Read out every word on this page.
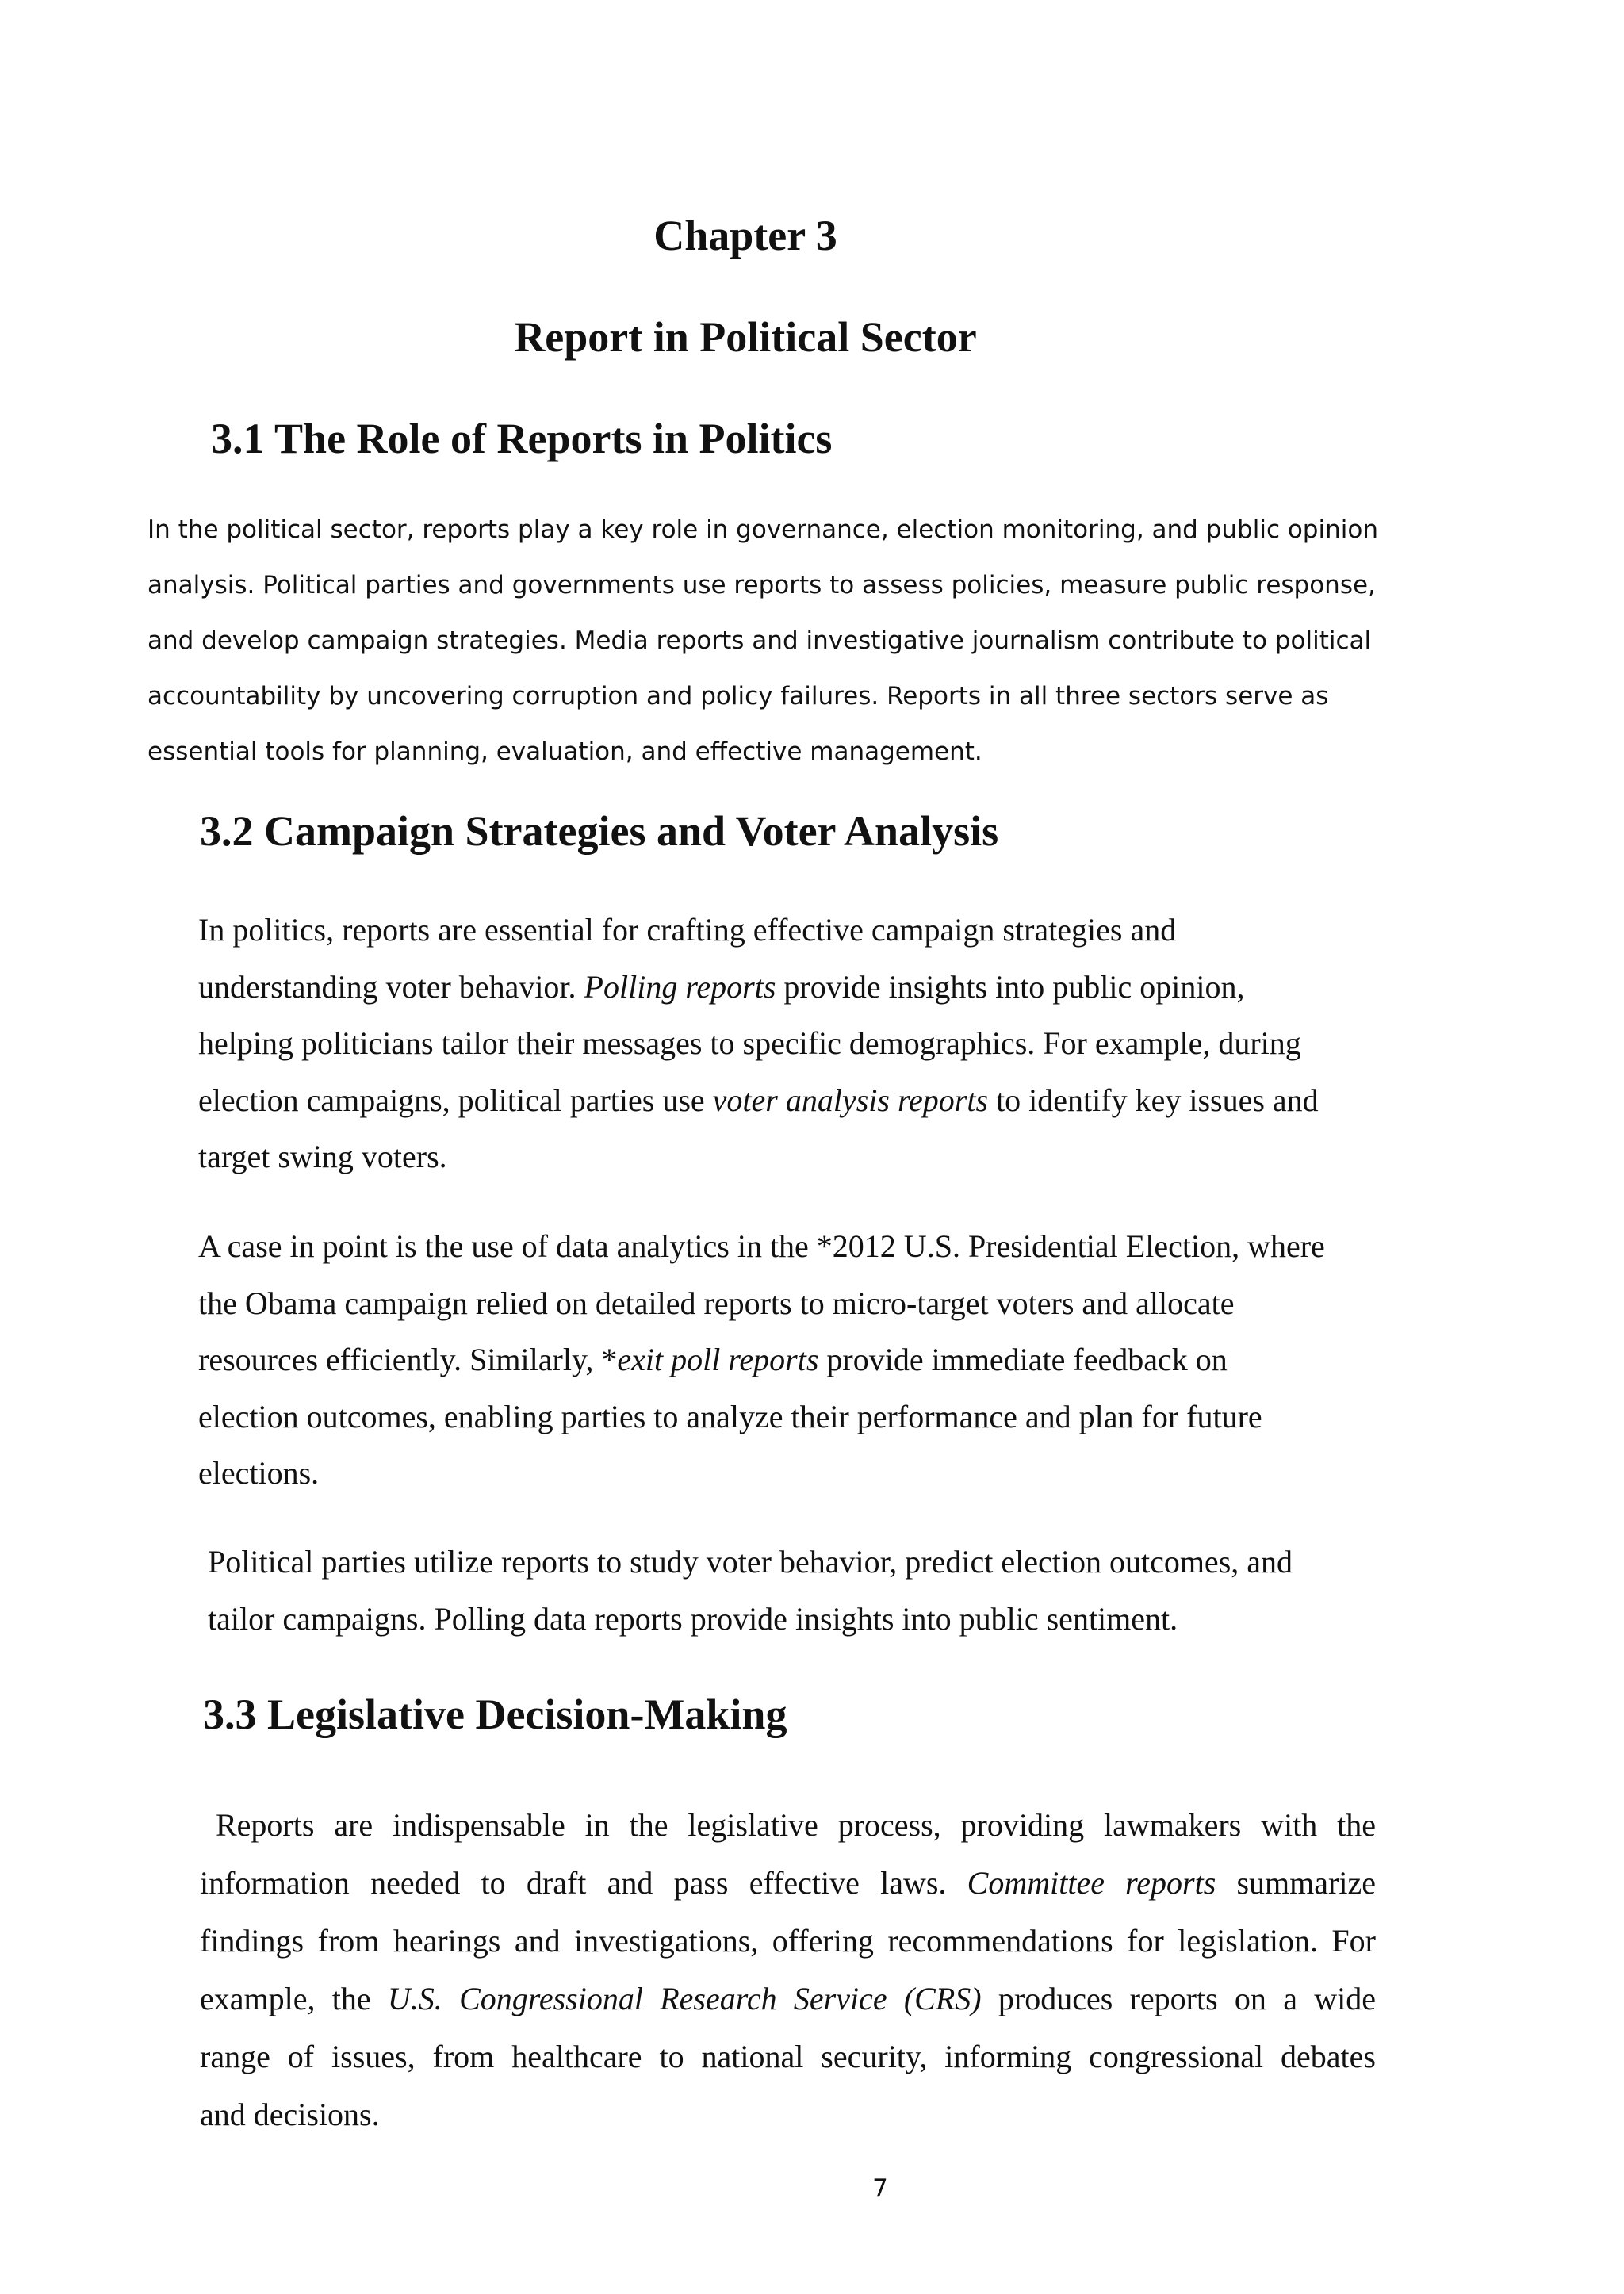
Chapter 3
Report in Political Sector
3.1 The Role of Reports in Politics

In the political sector, reports play a key role in governance, election monitoring, and public opinion
analysis. Political parties and governments use reports to assess policies, measure public response,
and develop campaign strategies. Media reports and investigative journalism contribute to political
accountability by uncovering corruption and policy failures. Reports in all three sectors serve as
essential tools for planning, evaluation, and effective management.

3.2 Campaign Strategies and Voter Analysis

In politics, reports are essential for crafting effective campaign strategies and
understanding voter behavior. Polling reports provide insights into public opinion,
helping politicians tailor their messages to specific demographics. For example, during
election campaigns, political parties use voter analysis reports to identify key issues and
target swing voters.

A case in point is the use of data analytics in the *2012 U.S. Presidential Election, where
the Obama campaign relied on detailed reports to micro-target voters and allocate
resources efficiently. Similarly, *exit poll reports provide immediate feedback on
election outcomes, enabling parties to analyze their performance and plan for future
elections.

Political parties utilize reports to study voter behavior, predict election outcomes, and
tailor campaigns. Polling data reports provide insights into public sentiment.

3.3 Legislative Decision-Making

Reports are indispensable in the legislative process, providing lawmakers with the
information needed to draft and pass effective laws. Committee reports summarize
findings from hearings and investigations, offering recommendations for legislation. For
example, the U.S. Congressional Research Service (CRS) produces reports on a wide
range of issues, from healthcare to national security, informing congressional debates
and decisions.

7
